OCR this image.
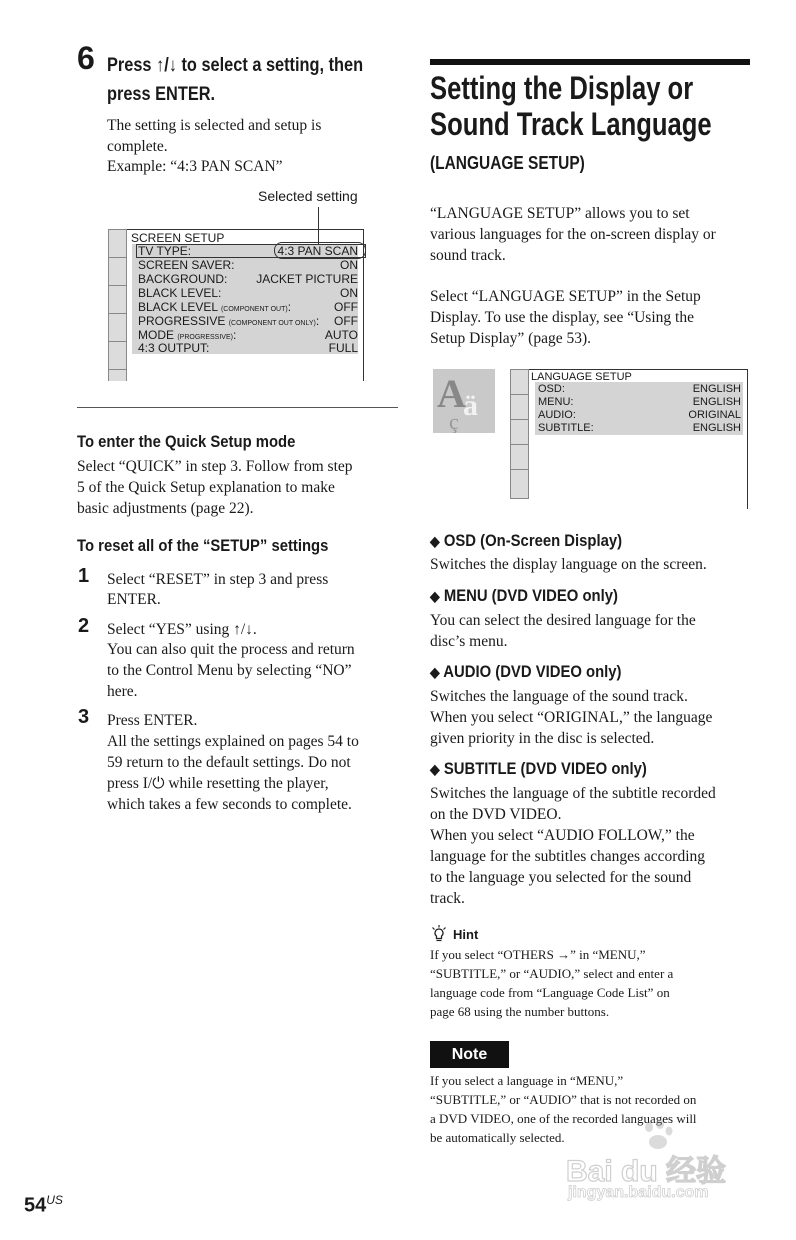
6 Press ↑/↓ to select a setting, then
press ENTER.
The setting is selected and setup is
complete.
Example: “4:3 PAN SCAN”
Selected setting
SCREEN SETUP
TV TYPE:	4:3 PAN SCAN
SCREEN SAVER:	ON
BACKGROUND: JACKET PICTURE
BLACK LEVEL:	ON
BLACK LEVEL (COMPONENT OUT):	OFF
PROGRESSIVE (COMPONENT OUT ONLY): OFF
MODE (PROGRESSIVE):	AUTO
4:3 OUTPUT:	FULL
To enter the Quick Setup mode
Select “QUICK” in step 3. Follow from step
5 of the Quick Setup explanation to make
basic adjustments (page 22).
To reset all of the “SETUP” settings
1 Select “RESET” in step 3 and press
ENTER.
2 Select “YES” using ↑/↓.
You can also quit the process and return
to the Control Menu by selecting “NO”
here.
3 Press ENTER.
All the settings explained on pages 54 to
59 return to the default settings. Do not
press I/⏻ while resetting the player,
which takes a few seconds to complete.
Setting the Display or
Sound Track Language
(LANGUAGE SETUP)
“LANGUAGE SETUP” allows you to set
various languages for the on-screen display or
sound track.
Select “LANGUAGE SETUP” in the Setup
Display. To use the display, see “Using the
Setup Display” (page 53).
A
ä
ç
LANGUAGE SETUP
OSD:	ENGLISH
MENU:	ENGLISH
AUDIO:	ORIGINAL
SUBTITLE:	ENGLISH
◆ OSD (On-Screen Display)
Switches the display language on the screen.
◆ MENU (DVD VIDEO only)
You can select the desired language for the
disc’s menu.
◆ AUDIO (DVD VIDEO only)
Switches the language of the sound track.
When you select “ORIGINAL,” the language
given priority in the disc is selected.
◆ SUBTITLE (DVD VIDEO only)
Switches the language of the subtitle recorded
on the DVD VIDEO.
When you select “AUDIO FOLLOW,” the
language for the subtitles changes according
to the language you selected for the sound
track.
Hint
If you select “OTHERS →” in “MENU,”
“SUBTITLE,” or “AUDIO,” select and enter a
language code from “Language Code List” on
page 68 using the number buttons.
Note
If you select a language in “MENU,”
“SUBTITLE,” or “AUDIO” that is not recorded on
a DVD VIDEO, one of the recorded languages will
be automatically selected.
$54^{US}$
Bai du 经验
jingyan.baidu.com
